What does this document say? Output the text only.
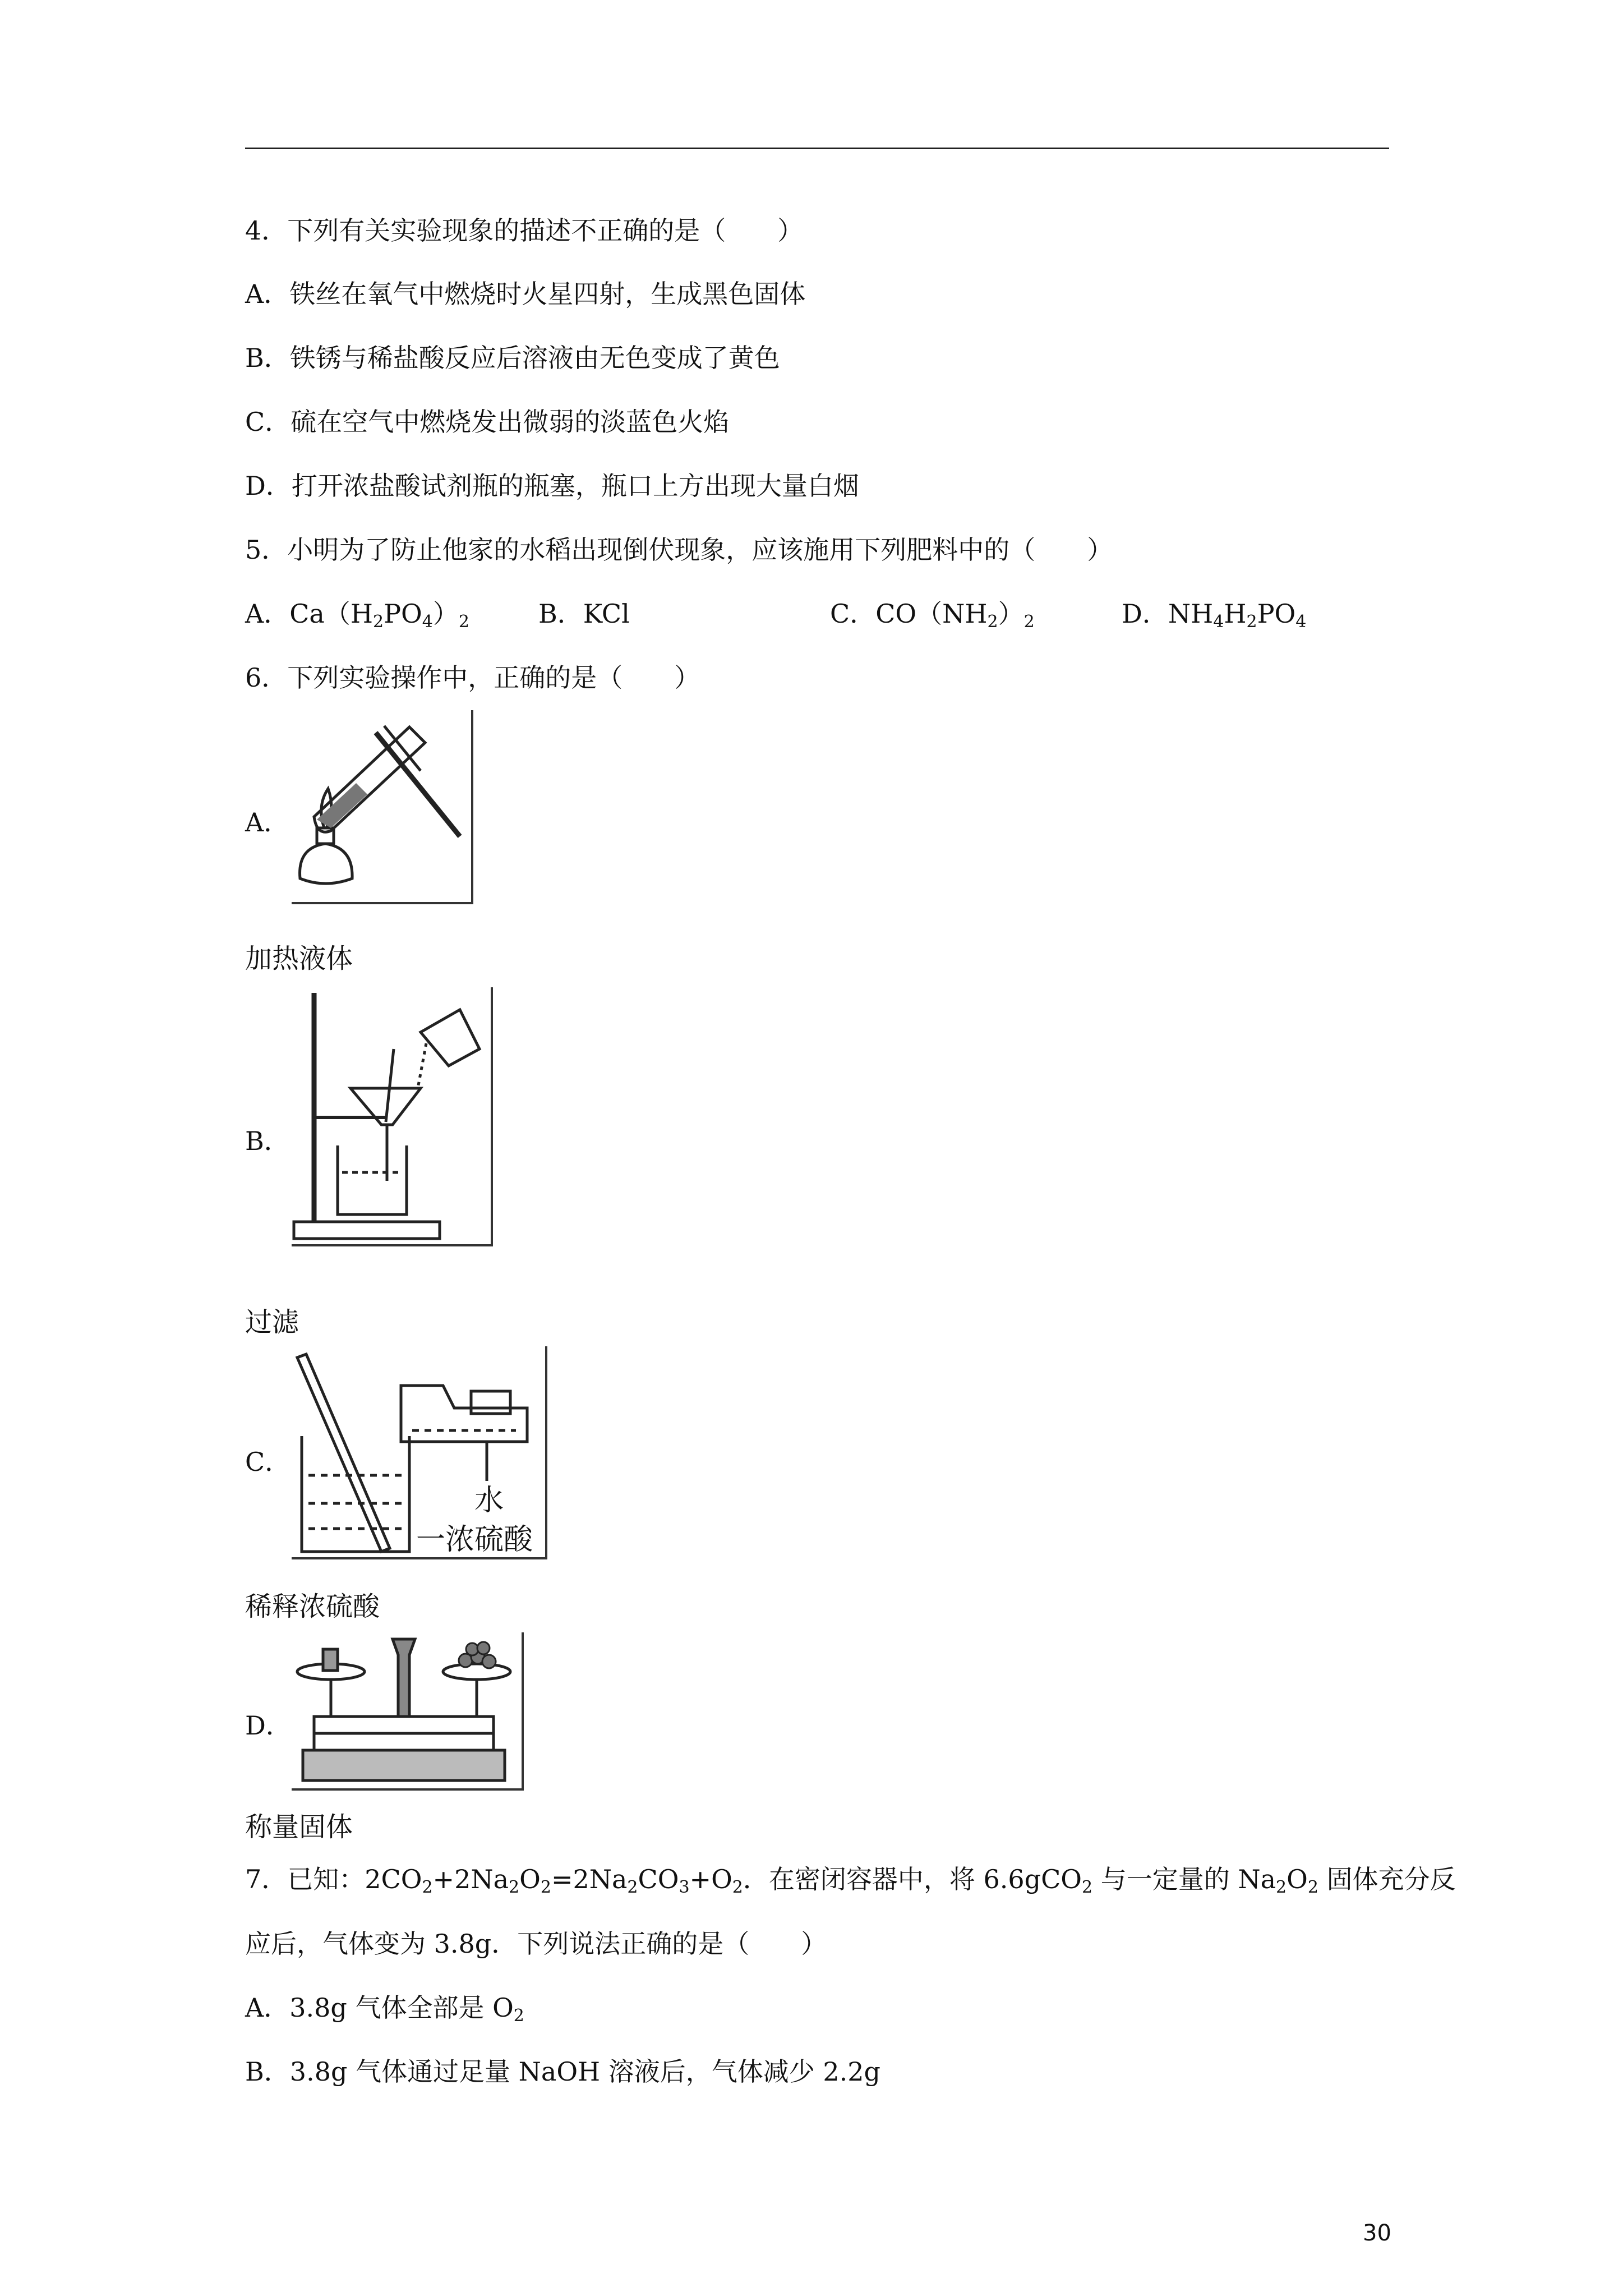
4．下列有关实验现象的描述不正确的是（　　）
A．铁丝在氧气中燃烧时火星四射，生成黑色固体
B．铁锈与稀盐酸反应后溶液由无色变成了黄色
C．硫在空气中燃烧发出微弱的淡蓝色火焰
D．打开浓盐酸试剂瓶的瓶塞，瓶口上方出现大量白烟
5．小明为了防止他家的水稻出现倒伏现象，应该施用下列肥料中的（　　）
A．$Ca(H_2PO_4)_2$	B．KCl	C．$CO(NH_2)_2$	D．$NH_4H_2PO_4$
6．下列实验操作中，正确的是（　　）
A．
加热液体
B．
过滤
C．
水
一浓硫酸
稀释浓硫酸
D．
称量固体
7．已知：$2CO_2+2Na_2O_2=2Na_2CO_3+O_2$．在密闭容器中，将 6.6gCO$_2$ 与一定量的 $Na_2O_2$ 固体充分反
应后，气体变为 3.8g．下列说法正确的是（　　）
A．3.8g 气体全部是 $O_2$
B．3.8g 气体通过足量 NaOH 溶液后，气体减少 2.2g
30
